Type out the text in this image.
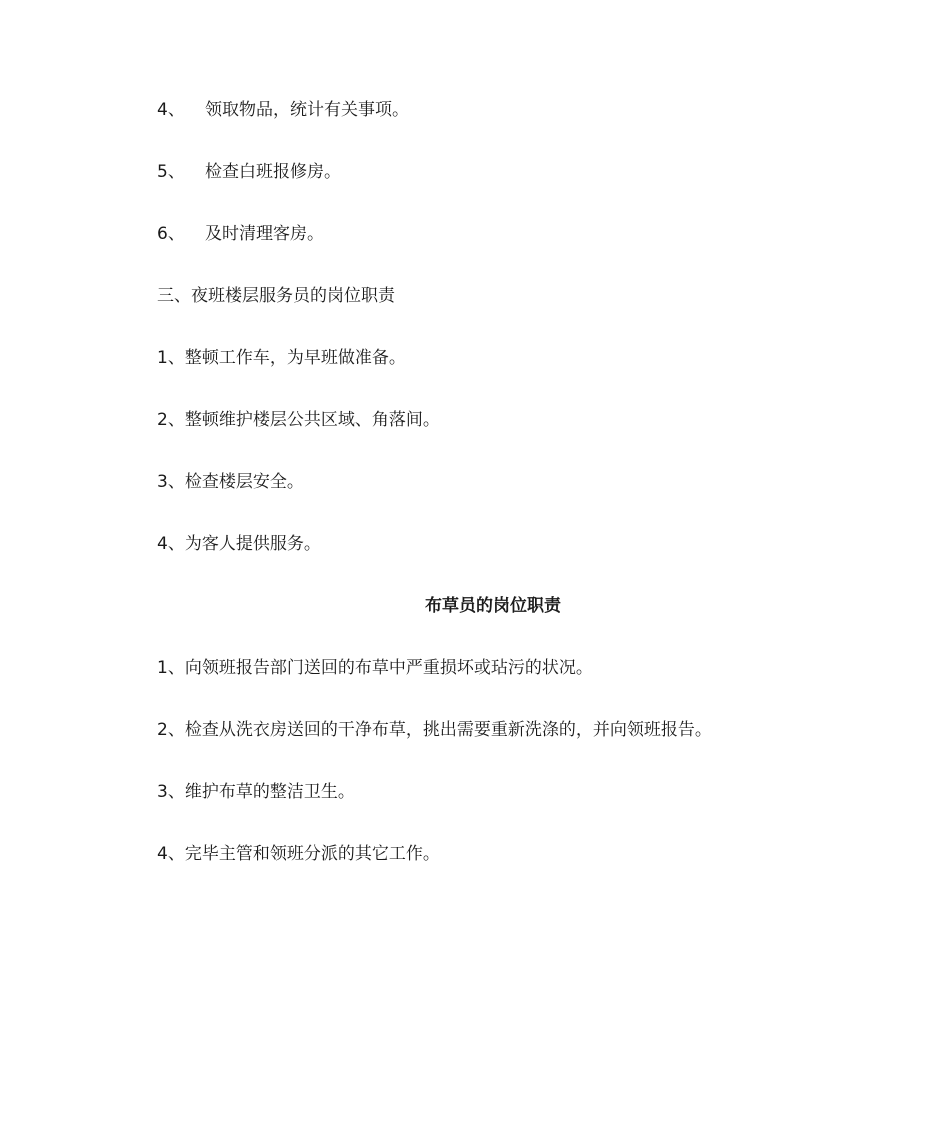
4、 领取物品，统计有关事项。
5、 检查白班报修房。
6、 及时清理客房。
三、夜班楼层服务员的岗位职责
1、整顿工作车，为早班做准备。
2、整顿维护楼层公共区域、角落间。
3、检查楼层安全。
4、为客人提供服务。
布草员的岗位职责
1、向领班报告部门送回的布草中严重损坏或玷污的状况。
2、检查从洗衣房送回的干净布草，挑出需要重新洗涤的，并向领班报告。
3、维护布草的整洁卫生。
4、完毕主管和领班分派的其它工作。
